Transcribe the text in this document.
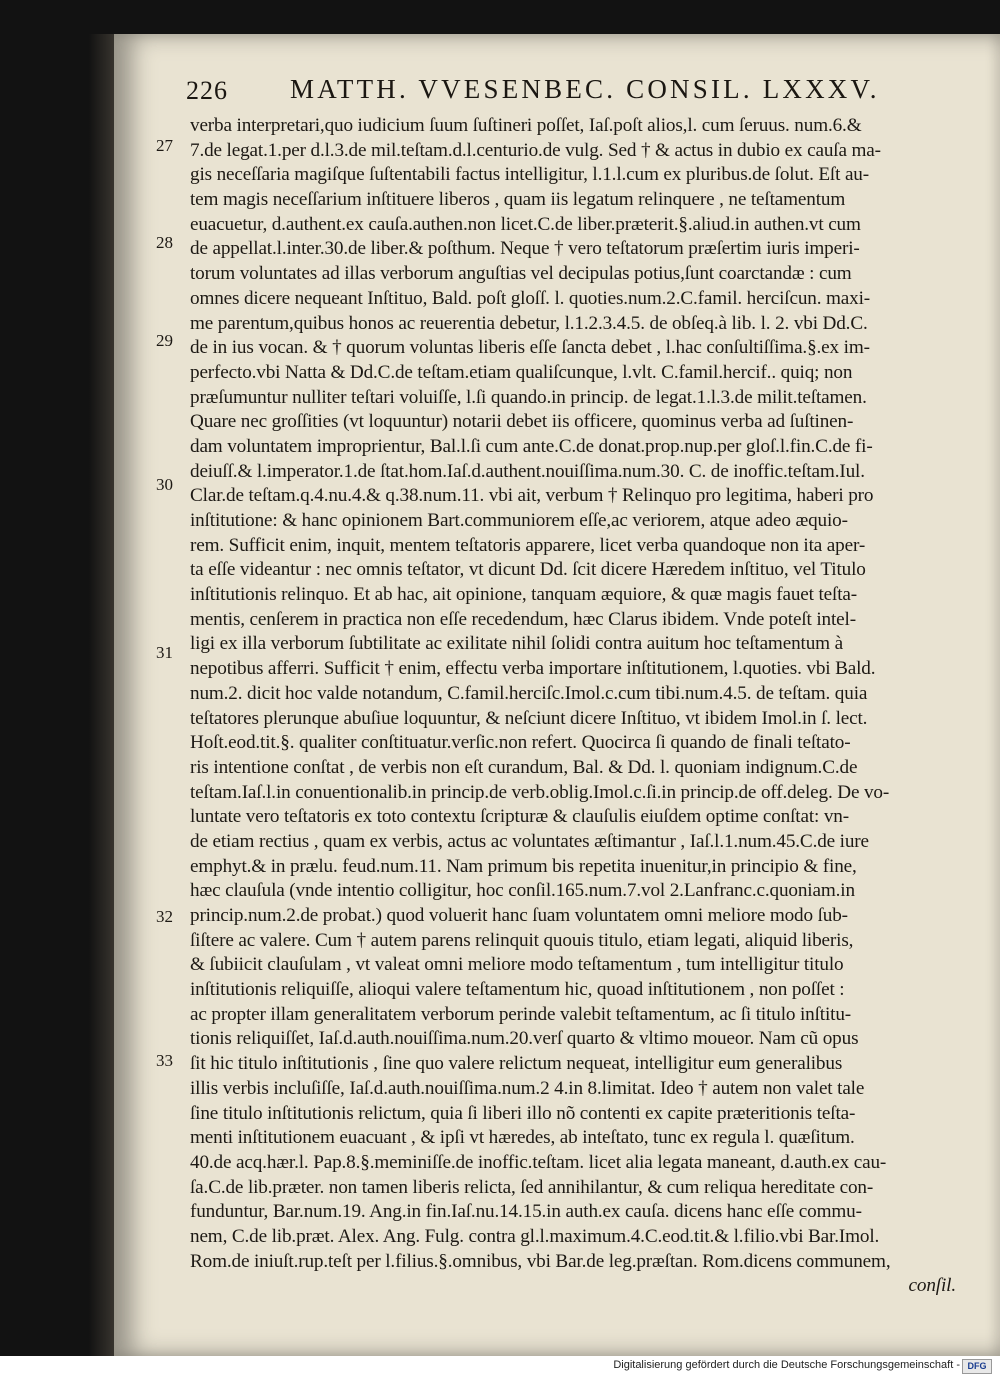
226 MATTH. VVESENBEC. CONSIL. LXXXV.
27
28
29
30
31
32
33
verba interpretari,quo iudicium ſuum ſuſtineri poſſet, Iaſ.poſt alios,l. cum ſeruus. num.6.&
7.de legat.1.per d.l.3.de mil.teſtam.d.l.centurio.de vulg. Sed † & actus in dubio ex cauſa ma-
gis neceſſaria magiſque ſuſtentabili factus intelligitur, l.1.l.cum ex pluribus.de ſolut. Eſt au-
tem magis neceſſarium inſtituere liberos , quam iis legatum relinquere , ne teſtamentum
euacuetur, d.authent.ex cauſa.authen.non licet.C.de liber.præterit.§.aliud.in authen.vt cum
de appellat.l.inter.30.de liber.& poſthum. Neque † vero teſtatorum præſertim iuris imperi-
torum voluntates ad illas verborum anguſtias vel decipulas potius,ſunt coarctandæ : cum
omnes dicere nequeant Inſtituo, Bald. poſt gloſſ. l. quoties.num.2.C.famil. herciſcun. maxi-
me parentum,quibus honos ac reuerentia debetur, l.1.2.3.4.5. de obſeq.à lib. l. 2. vbi Dd.C.
de in ius vocan. & † quorum voluntas liberis eſſe ſancta debet , l.hac conſultiſſima.§.ex im-
perfecto.vbi Natta & Dd.C.de teſtam.etiam qualiſcunque, l.vlt. C.famil.hercif.. quiq; non
præſumuntur nulliter teſtari voluiſſe, l.ſi quando.in princip. de legat.1.l.3.de milit.teſtamen.
Quare nec groſſities (vt loquuntur) notarii debet iis officere, quominus verba ad ſuſtinen-
dam voluntatem improprientur, Bal.l.ſi cum ante.C.de donat.prop.nup.per gloſ.l.fin.C.de fi-
deiuſſ.& l.imperator.1.de ſtat.hom.Iaſ.d.authent.nouiſſima.num.30. C. de inoffic.teſtam.Iul.
Clar.de teſtam.q.4.nu.4.& q.38.num.11. vbi ait, verbum † Relinquo pro legitima, haberi pro
inſtitutione: & hanc opinionem Bart.communiorem eſſe,ac veriorem, atque adeo æquio-
rem. Sufficit enim, inquit, mentem teſtatoris apparere, licet verba quandoque non ita aper-
ta eſſe videantur : nec omnis teſtator, vt dicunt Dd. ſcit dicere Hæredem inſtituo, vel Titulo
inſtitutionis relinquo. Et ab hac, ait opinione, tanquam æquiore, & quæ magis fauet teſta-
mentis, cenſerem in practica non eſſe recedendum, hæc Clarus ibidem. Vnde poteſt intel-
ligi ex illa verborum ſubtilitate ac exilitate nihil ſolidi contra auitum hoc teſtamentum à
nepotibus afferri. Sufficit † enim, effectu verba importare inſtitutionem, l.quoties. vbi Bald.
num.2. dicit hoc valde notandum, C.famil.herciſc.Imol.c.cum tibi.num.4.5. de teſtam. quia
teſtatores plerunque abuſiue loquuntur, & neſciunt dicere Inſtituo, vt ibidem Imol.in ſ. lect.
Hoſt.eod.tit.§. qualiter conſtituatur.verſic.non refert. Quocirca ſi quando de finali teſtato-
ris intentione conſtat , de verbis non eſt curandum, Bal. & Dd. l. quoniam indignum.C.de
teſtam.Iaſ.l.in conuentionalib.in princip.de verb.oblig.Imol.c.ſi.in princip.de off.deleg. De vo-
luntate vero teſtatoris ex toto contextu ſcripturæ & clauſulis eiuſdem optime conſtat: vn-
de etiam rectius , quam ex verbis, actus ac voluntates æſtimantur , Iaſ.l.1.num.45.C.de iure
emphyt.& in prælu. feud.num.11. Nam primum bis repetita inuenitur,in principio & fine,
hæc clauſula (vnde intentio colligitur, hoc conſil.165.num.7.vol 2.Lanfranc.c.quoniam.in
princip.num.2.de probat.) quod voluerit hanc ſuam voluntatem omni meliore modo ſub-
ſiſtere ac valere. Cum † autem parens relinquit quouis titulo, etiam legati, aliquid liberis,
& ſubiicit clauſulam , vt valeat omni meliore modo teſtamentum , tum intelligitur titulo
inſtitutionis reliquiſſe, alioqui valere teſtamentum hic, quoad inſtitutionem , non poſſet :
ac propter illam generalitatem verborum perinde valebit teſtamentum, ac ſi titulo inſtitu-
tionis reliquiſſet, Iaſ.d.auth.nouiſſima.num.20.verſ quarto & vltimo moueor. Nam cũ opus
ſit hic titulo inſtitutionis , ſine quo valere relictum nequeat, intelligitur eum generalibus
illis verbis incluſiſſe, Iaſ.d.auth.nouiſſima.num.2 4.in 8.limitat. Ideo † autem non valet tale
ſine titulo inſtitutionis relictum, quia ſi liberi illo nõ contenti ex capite præteritionis teſta-
menti inſtitutionem euacuant , & ipſi vt hæredes, ab inteſtato, tunc ex regula l. quæſitum.
40.de acq.hær.l. Pap.8.§.meminiſſe.de inoffic.teſtam. licet alia legata maneant, d.auth.ex cau-
ſa.C.de lib.præter. non tamen liberis relicta, ſed annihilantur, & cum reliqua hereditate con-
funduntur, Bar.num.19. Ang.in fin.Iaſ.nu.14.15.in auth.ex cauſa. dicens hanc eſſe commu-
nem, C.de lib.præt. Alex. Ang. Fulg. contra gl.l.maximum.4.C.eod.tit.& l.filio.vbi Bar.Imol.
Rom.de iniuſt.rup.teſt per l.filius.§.omnibus, vbi Bar.de leg.præſtan. Rom.dicens communem,
conſil.
Digitalisierung gefördert durch die Deutsche Forschungsgemeinschaft - DFG
